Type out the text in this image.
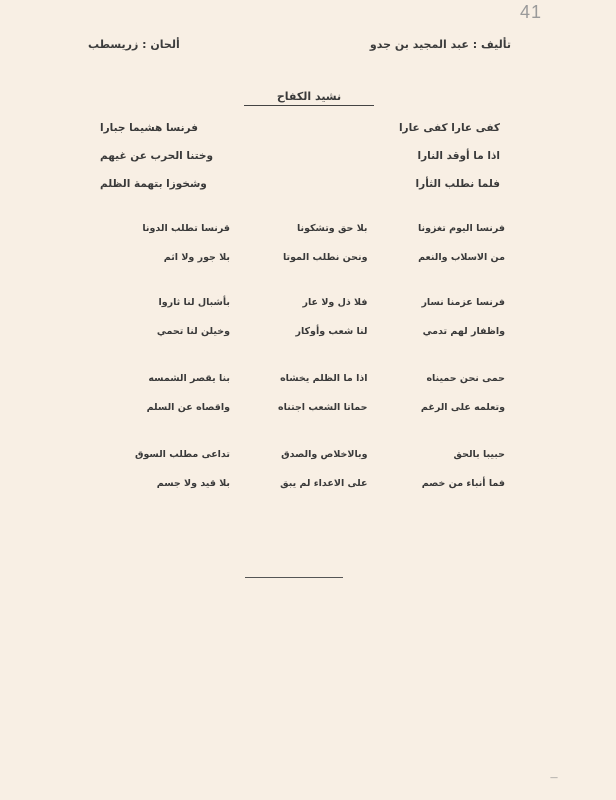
41
تأليف : عبد المجيد بن جدو
ألحان : زريسطب
نشيد الكفاح
كفى عارا كفى عارا
فرنسا هشيما جبارا
اذا ما أوقد النارا
وختنا الحرب عن غيهم
فلما نطلب الثأرا
وشخوزا بتهمة الظلم
فرنسا اليوم تغزونا
بلا حق وتشكونا
قرنسا تطلب الدونا
من الاسلاب والنعم
ونحن نطلب الموتا
بلا جور ولا اثم
فرنسا عزمنا نسار
فلا ذل ولا عار
بأشبال لنا ثاروا
واظفار لهم تدمي
لنا شعب وأوكار
وخيلن لنا تحمي
حمى نحن حميناه
اذا ما الظلم يخشاه
بنا يقصر الشمسه
وتعلمه على الرغم
حماتا الشعب اجتناه
واقصاه عن السلم
حبيبا بالحق
وبالاخلاص والصدق
تداعى مطلب السوق
فما أنباء من خصم
على الاعداء لم يبق
بلا قيد ولا جسم
—
